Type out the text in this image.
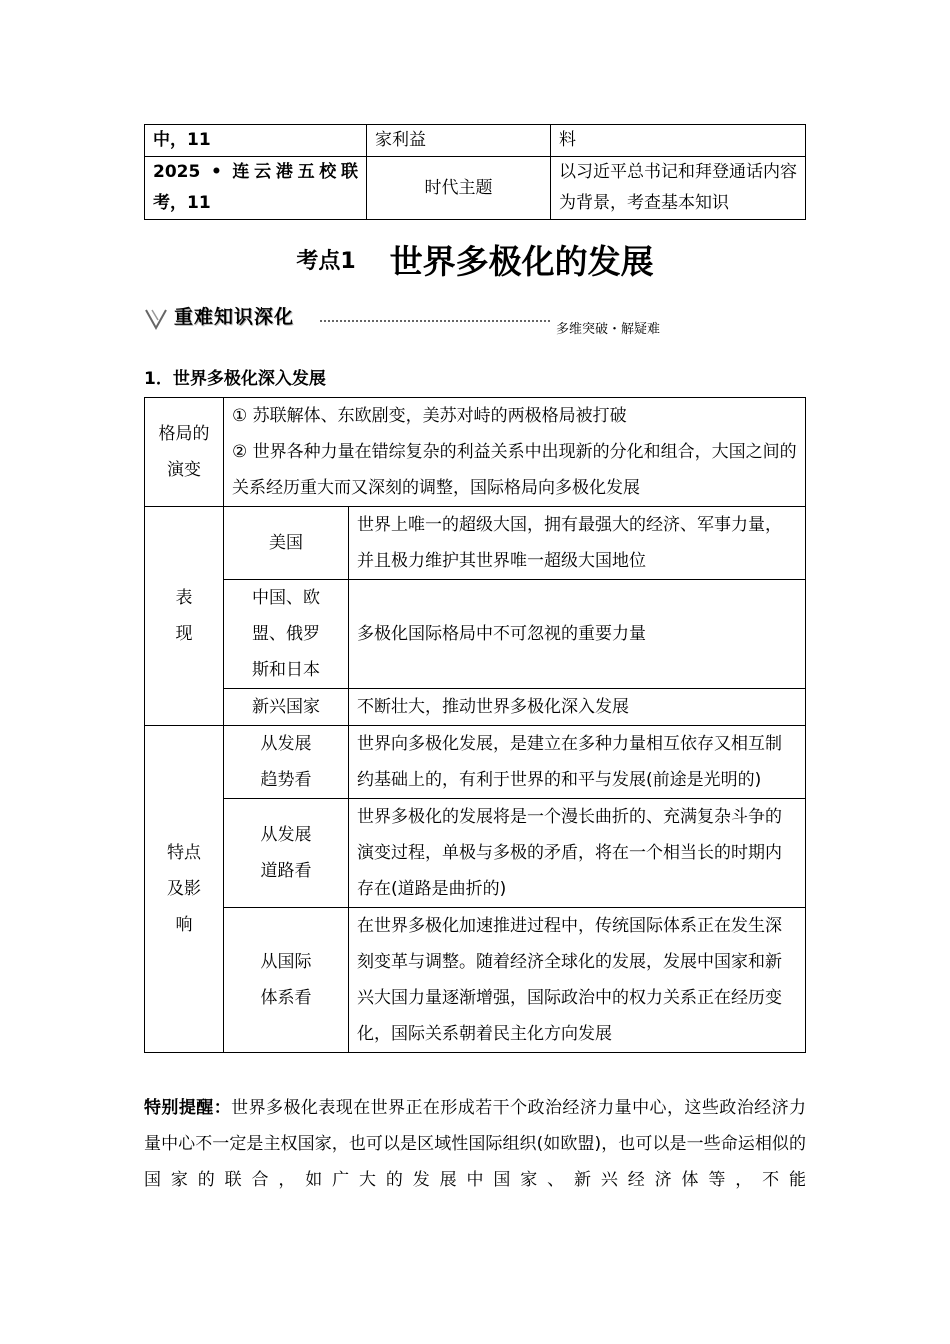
中，11	家利益	料
2025 • 连云港五校联考，11	时代主题	以习近平总书记和拜登通话内容为背景，考查基本知识
考点1 世界多极化的发展
重难知识深化
多维突破・解疑难
1．世界多极化深入发展
格局的演变	① 苏联解体、东欧剧变，美苏对峙的两极格局被打破
② 世界各种力量在错综复杂的利益关系中出现新的分化和组合，大国之间的关系经历重大而又深刻的调整，国际格局向多极化发展	

表现	美国	世界上唯一的超级大国，拥有最强大的经济、军事力量，并且极力维护其世界唯一超级大国地位

	中国、欧盟、俄罗斯和日本	多极化国际格局中不可忽视的重要力量
	新兴国家	不断壮大，推动世界多极化深入发展

特点及影响	从发展趋势看	世界向多极化发展，是建立在多种力量相互依存又相互制约基础上的，有利于世界的和平与发展(前途是光明的)

	从发展道路看	世界多极化的发展将是一个漫长曲折的、充满复杂斗争的演变过程，单极与多极的矛盾，将在一个相当长的时期内存在(道路是曲折的)

	从国际体系看	在世界多极化加速推进过程中，传统国际体系正在发生深刻变革与调整。随着经济全球化的发展，发展中国家和新兴大国力量逐渐增强，国际政治中的权力关系正在经历变化，国际关系朝着民主化方向发展
特别提醒：世界多极化表现在世界正在形成若干个政治经济力量中心，这些政治经济力量中心不一定是主权国家，也可以是区域性国际组织(如欧盟)，也可以是一些命运相似的国家的联合，如广大的发展中国家、新兴经济体等，不能
